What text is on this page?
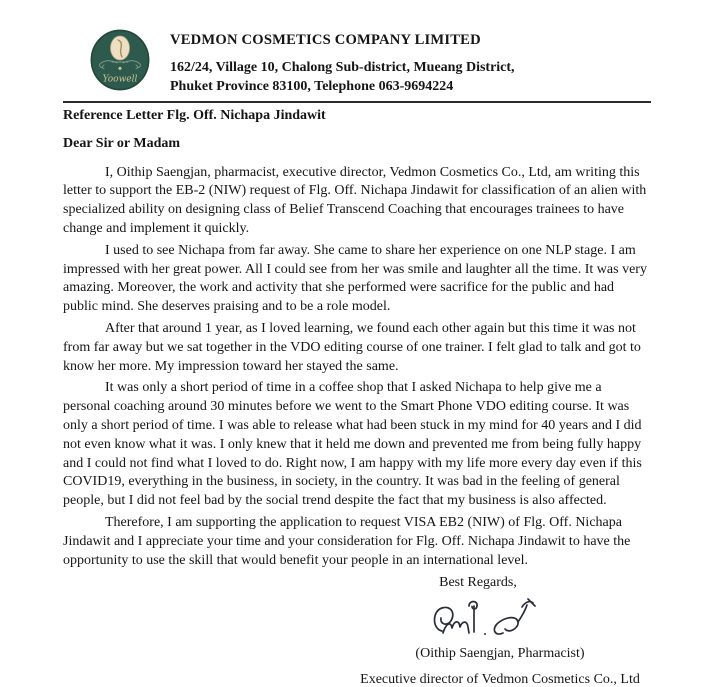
Yoowell
VEDMON COSMETICS COMPANY LIMITED
162/24, Village 10, Chalong Sub-district, Mueang District,
Phuket Province 83100, Telephone 063-9694224
Reference Letter Flg. Off. Nichapa Jindawit
Dear Sir or Madam

I, Oithip Saengjan, pharmacist, executive director, Vedmon Cosmetics Co., Ltd, am writing this letter to support the EB-2 (NIW) request of Flg. Off. Nichapa Jindawit for classification of an alien with specialized ability on designing class of Belief Transcend Coaching that encourages trainees to have change and implement it quickly.

I used to see Nichapa from far away. She came to share her experience on one NLP stage. I am impressed with her great power. All I could see from her was smile and laughter all the time. It was very amazing. Moreover, the work and activity that she performed were sacrifice for the public and had public mind. She deserves praising and to be a role model.

After that around 1 year, as I loved learning, we found each other again but this time it was not from far away but we sat together in the VDO editing course of one trainer. I felt glad to talk and got to know her more. My impression toward her stayed the same.

It was only a short period of time in a coffee shop that I asked Nichapa to help give me a personal coaching around 30 minutes before we went to the Smart Phone VDO editing course. It was only a short period of time. I was able to release what had been stuck in my mind for 40 years and I did not even know what it was. I only knew that it held me down and prevented me from being fully happy and I could not find what I loved to do. Right now, I am happy with my life more every day even if this COVID19, everything in the business, in society, in the country. It was bad in the feeling of general people, but I did not feel bad by the social trend despite the fact that my business is also affected.

Therefore, I am supporting the application to request VISA EB2 (NIW) of Flg. Off. Nichapa Jindawit and I appreciate your time and your consideration for Flg. Off. Nichapa Jindawit to have the opportunity to use the skill that would benefit your people in an international level.

Best Regards,
(Oithip Saengjan, Pharmacist)
Executive director of Vedmon Cosmetics Co., Ltd
